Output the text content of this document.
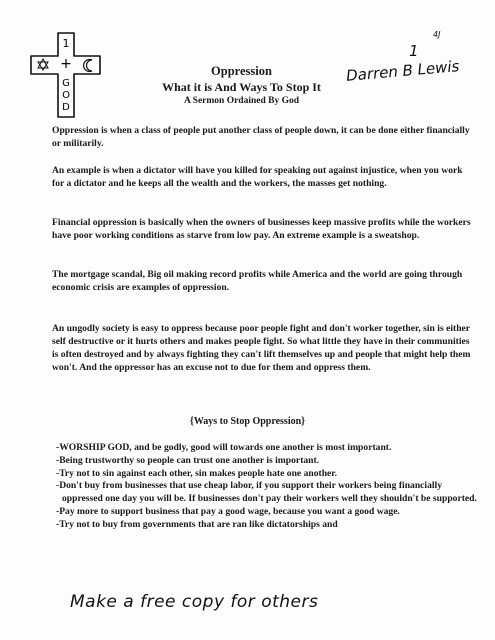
1
+
G
O
D
1
4J
Darren B Lewis
Oppression
What it is And Ways To Stop It
A Sermon Ordained By God

Oppression is when a class of people put another class of people down, it can be done either financially or militarily.

An example is when a dictator will have you killed for speaking out against injustice, when you work for a dictator and he keeps all the wealth and the workers, the masses get nothing.

Financial oppression is basically when the owners of businesses keep massive profits while the workers have poor working conditions as starve from low pay. An extreme example is a sweatshop.

The mortgage scandal, Big oil making record profits while America and the world are going through economic crisis are examples of oppression.

An ungodly society is easy to oppress because poor people fight and don't worker together, sin is either self destructive or it hurts others and makes people fight. So what little they have in their communities is often destroyed and by always fighting they can't lift themselves up and people that might help them won't. And the oppressor has an excuse not to due for them and oppress them.

{Ways to Stop Oppression}
-WORSHIP GOD, and be godly, good will towards one another is most important.
-Being trustworthy so people can trust one another is important.
-Try not to sin against each other, sin makes people hate one another.
-Don't buy from businesses that use cheap labor, if you support their workers being financially oppressed one day you will be. If businesses don't pay their workers well they shouldn't be supported.
-Pay more to support business that pay a good wage, because you want a good wage.
-Try not to buy from governments that are ran like dictatorships and
Make a free copy for others
